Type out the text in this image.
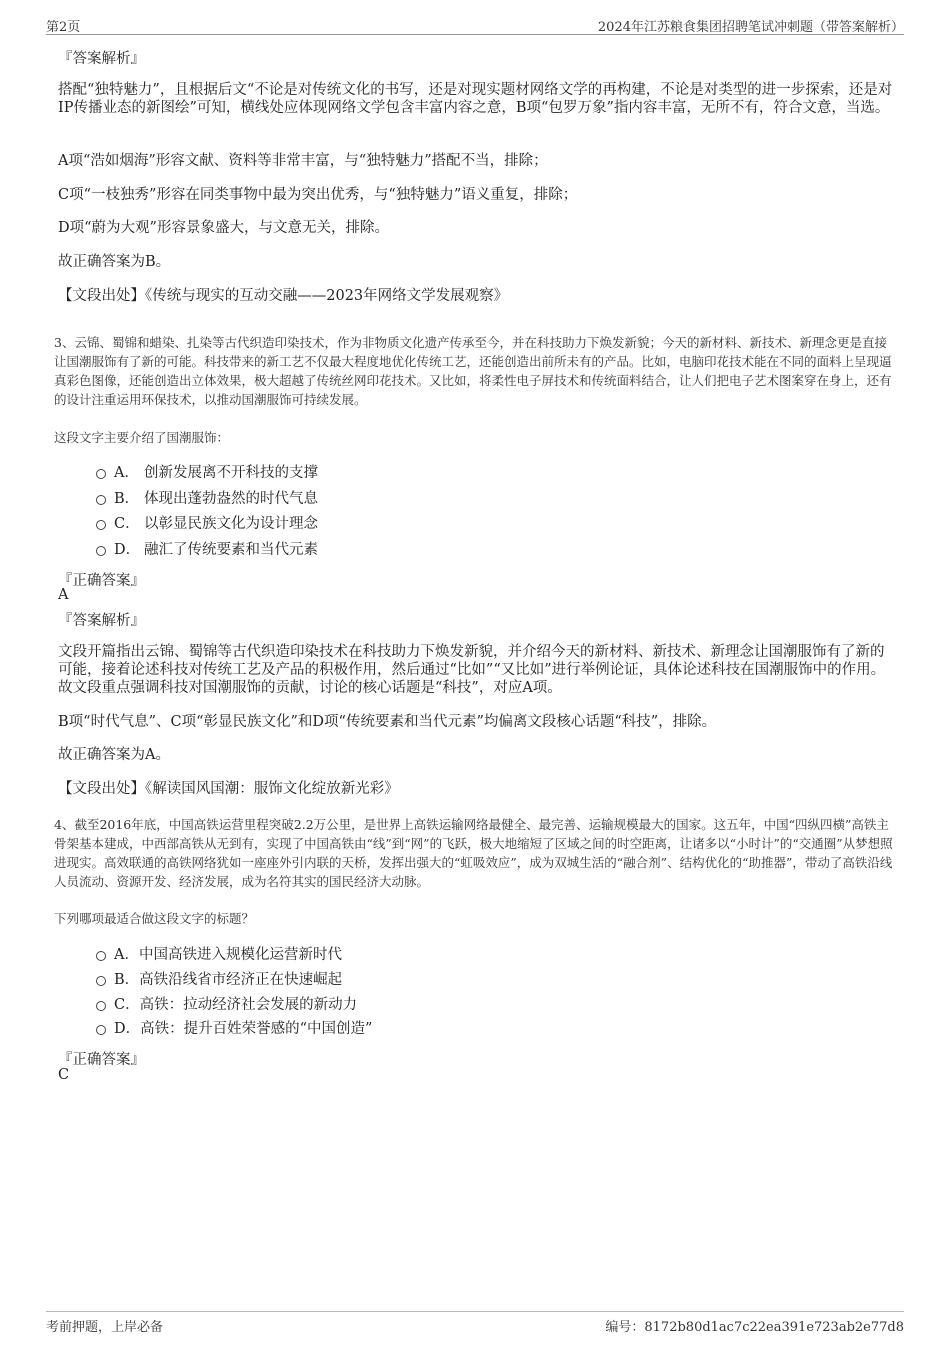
第2页	2024年江苏粮食集团招聘笔试冲刺题（带答案解析）
『答案解析』
搭配“独特魅力”，且根据后文“不论是对传统文化的书写，还是对现实题材网络文学的再构建，不论是对类型的进一步探索，还是对IP传播业态的新图绘”可知，横线处应体现网络文学包含丰富内容之意，B项“包罗万象”指内容丰富，无所不有，符合文意，当选。
A项“浩如烟海”形容文献、资料等非常丰富，与“独特魅力”搭配不当，排除；
C项“一枝独秀”形容在同类事物中最为突出优秀，与“独特魅力”语义重复，排除；
D项“蔚为大观”形容景象盛大，与文意无关，排除。
故正确答案为B。
【文段出处】《传统与现实的互动交融——2023年网络文学发展观察》
3、云锦、蜀锦和蜡染、扎染等古代织造印染技术，作为非物质文化遗产传承至今，并在科技助力下焕发新貌；今天的新材料、新技术、新理念更是直接让国潮服饰有了新的可能。科技带来的新工艺不仅最大程度地优化传统工艺，还能创造出前所未有的产品。比如，电脑印花技术能在不同的面料上呈现逼真彩色图像，还能创造出立体效果，极大超越了传统丝网印花技术。又比如，将柔性电子屏技术和传统面料结合，让人们把电子艺术图案穿在身上，还有的设计注重运用环保技术，以推动国潮服饰可持续发展。
这段文字主要介绍了国潮服饰：
A． 创新发展离不开科技的支撑
B． 体现出蓬勃盎然的时代气息
C． 以彰显民族文化为设计理念
D． 融汇了传统要素和当代元素
『正确答案』
A
『答案解析』
文段开篇指出云锦、蜀锦等古代织造印染技术在科技助力下焕发新貌，并介绍今天的新材料、新技术、新理念让国潮服饰有了新的可能，接着论述科技对传统工艺及产品的积极作用，然后通过“比如”“又比如”进行举例论证，具体论述科技在国潮服饰中的作用。故文段重点强调科技对国潮服饰的贡献，讨论的核心话题是“科技”，对应A项。
B项“时代气息”、C项“彰显民族文化”和D项“传统要素和当代元素”均偏离文段核心话题“科技”，排除。
故正确答案为A。
【文段出处】《解读国风国潮：服饰文化绽放新光彩》
4、截至2016年底，中国高铁运营里程突破2.2万公里，是世界上高铁运输网络最健全、最完善、运输规模最大的国家。这五年，中国“四纵四横”高铁主骨架基本建成，中西部高铁从无到有，实现了中国高铁由“线”到“网”的飞跃，极大地缩短了区域之间的时空距离，让诸多以“小时计”的“交通圈”从梦想照进现实。高效联通的高铁网络犹如一座座外引内联的天桥，发挥出强大的“虹吸效应”，成为双城生活的“融合剂”、结构优化的“助推器”，带动了高铁沿线人员流动、资源开发、经济发展，成为名符其实的国民经济大动脉。
下列哪项最适合做这段文字的标题？
A．中国高铁进入规模化运营新时代
B．高铁沿线省市经济正在快速崛起
C．高铁：拉动经济社会发展的新动力
D．高铁：提升百姓荣誉感的“中国创造”
『正确答案』
C
考前押题，上岸必备	编号：8172b80d1ac7c22ea391e723ab2e77d8
